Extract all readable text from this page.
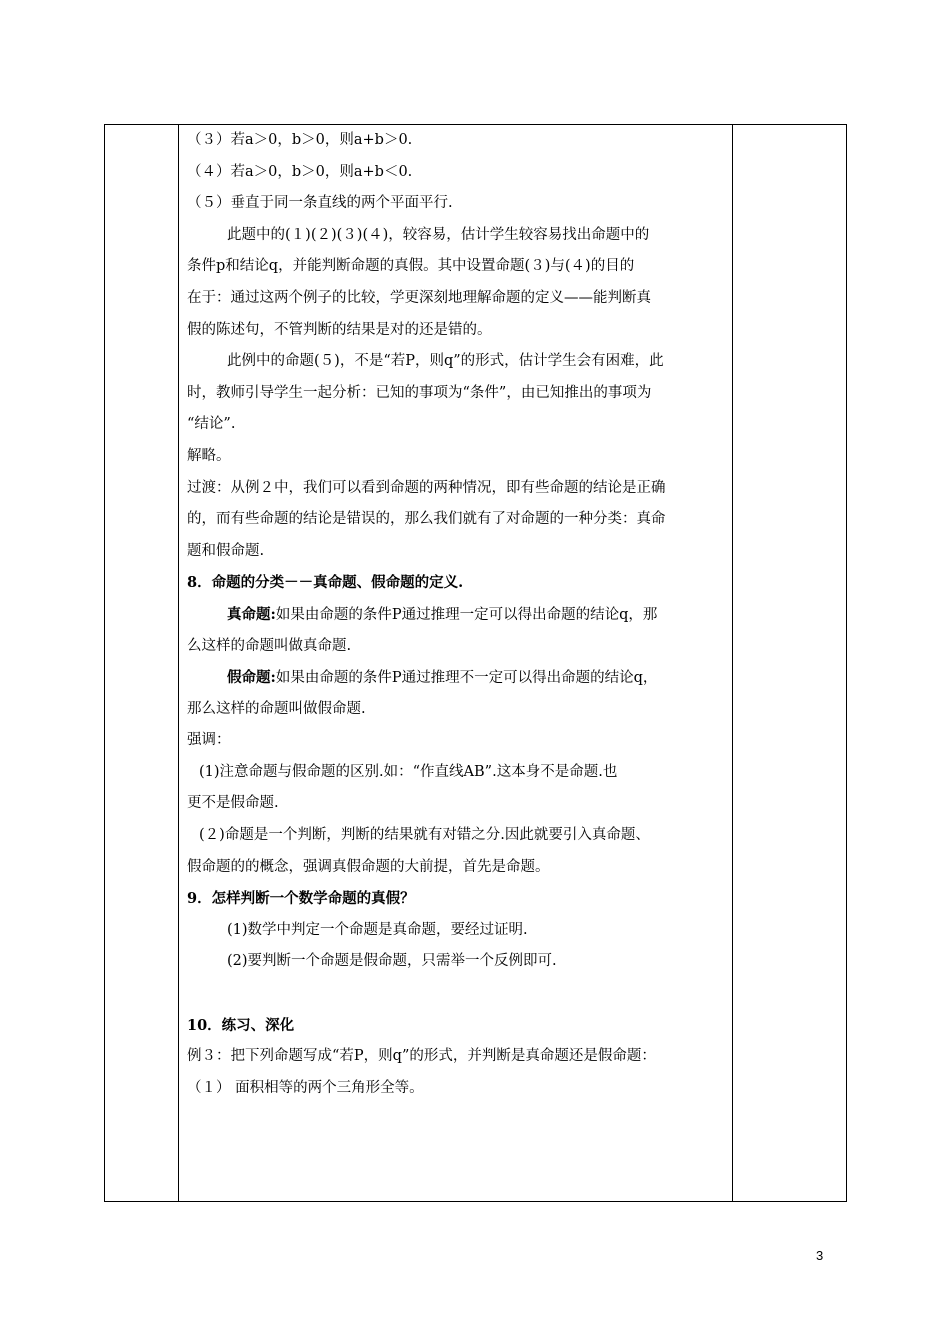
（３）若a＞0，b＞0，则a+b＞0.
（４）若a＞0，b＞0，则a+b＜0.
（５）垂直于同一条直线的两个平面平行.
此题中的(１)(２)(３)(４)，较容易，估计学生较容易找出命题中的
条件p和结论q，并能判断命题的真假。其中设置命题(３)与(４)的目的
在于：通过这两个例子的比较，学更深刻地理解命题的定义——能判断真
假的陈述句，不管判断的结果是对的还是错的。
此例中的命题(５)，不是“若P，则q”的形式，估计学生会有困难，此
时，教师引导学生一起分析：已知的事项为“条件”，由已知推出的事项为
“结论”.
解略。
过渡：从例２中，我们可以看到命题的两种情况，即有些命题的结论是正确
的，而有些命题的结论是错误的，那么我们就有了对命题的一种分类：真命
题和假命题.
8．命题的分类－－真命题、假命题的定义.
真命题:如果由命题的条件P通过推理一定可以得出命题的结论q，那
么这样的命题叫做真命题.
假命题:如果由命题的条件P通过推理不一定可以得出命题的结论q，
那么这样的命题叫做假命题.
强调：
(1)注意命题与假命题的区别.如：“作直线AB”.这本身不是命题.也
更不是假命题.
(２)命题是一个判断，判断的结果就有对错之分.因此就要引入真命题、
假命题的的概念，强调真假命题的大前提，首先是命题。
9．怎样判断一个数学命题的真假？
(1)数学中判定一个命题是真命题，要经过证明.
(2)要判断一个命题是假命题，只需举一个反例即可.
10．练习、深化
例３：把下列命题写成“若P，则q”的形式，并判断是真命题还是假命题：
（１） 面积相等的两个三角形全等。
3
